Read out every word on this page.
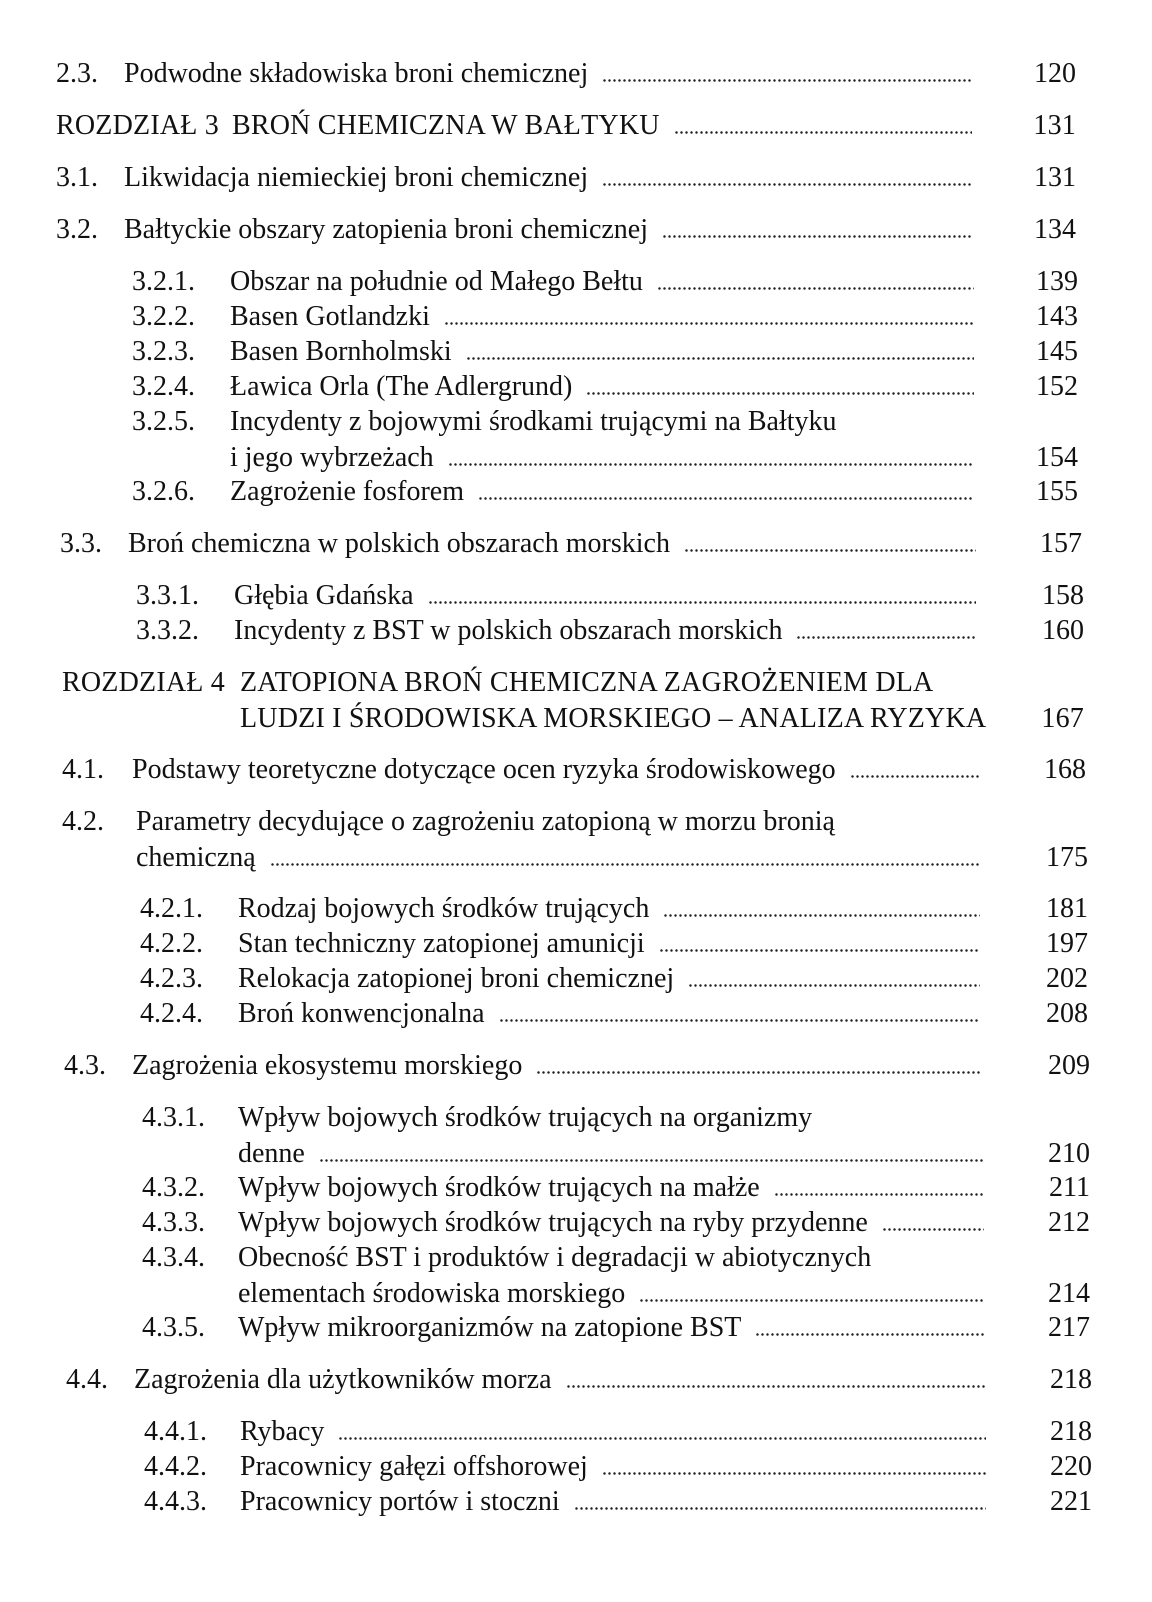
2.3. Podwodne składowiska broni chemicznej	120
ROZDZIAŁ 3 BROŃ CHEMICZNA W BAŁTYKU	131
3.1. Likwidacja niemieckiej broni chemicznej	131
3.2. Bałtyckie obszary zatopienia broni chemicznej	134
3.2.1. Obszar na południe od Małego Bełtu	139
3.2.2. Basen Gotlandzki	143
3.2.3. Basen Bornholmski	145
3.2.4. Ławica Orla (The Adlergrund)	152
3.2.5. Incydenty z bojowymi środkami trującymi na Bałtyku
i jego wybrzeżach	154
3.2.6. Zagrożenie fosforem	155
3.3. Broń chemiczna w polskich obszarach morskich	157
3.3.1. Głębia Gdańska	158
3.3.2. Incydenty z BST w polskich obszarach morskich	160
ROZDZIAŁ 4 ZATOPIONA BROŃ CHEMICZNA ZAGROŻENIEM DLA
LUDZI I ŚRODOWISKA MORSKIEGO – ANALIZA RYZYKA	167
4.1. Podstawy teoretyczne dotyczące ocen ryzyka środowiskowego	168
4.2. Parametry decydujące o zagrożeniu zatopioną w morzu bronią
chemiczną	175
4.2.1. Rodzaj bojowych środków trujących	181
4.2.2. Stan techniczny zatopionej amunicji	197
4.2.3. Relokacja zatopionej broni chemicznej	202
4.2.4. Broń konwencjonalna	208
4.3. Zagrożenia ekosystemu morskiego	209
4.3.1. Wpływ bojowych środków trujących na organizmy
denne	210
4.3.2. Wpływ bojowych środków trujących na małże	211
4.3.3. Wpływ bojowych środków trujących na ryby przydenne	212
4.3.4. Obecność BST i produktów i degradacji w abiotycznych
elementach środowiska morskiego	214
4.3.5. Wpływ mikroorganizmów na zatopione BST	217
4.4. Zagrożenia dla użytkowników morza	218
4.4.1. Rybacy	218
4.4.2. Pracownicy gałęzi offshorowej	220
4.4.3. Pracownicy portów i stoczni	221
